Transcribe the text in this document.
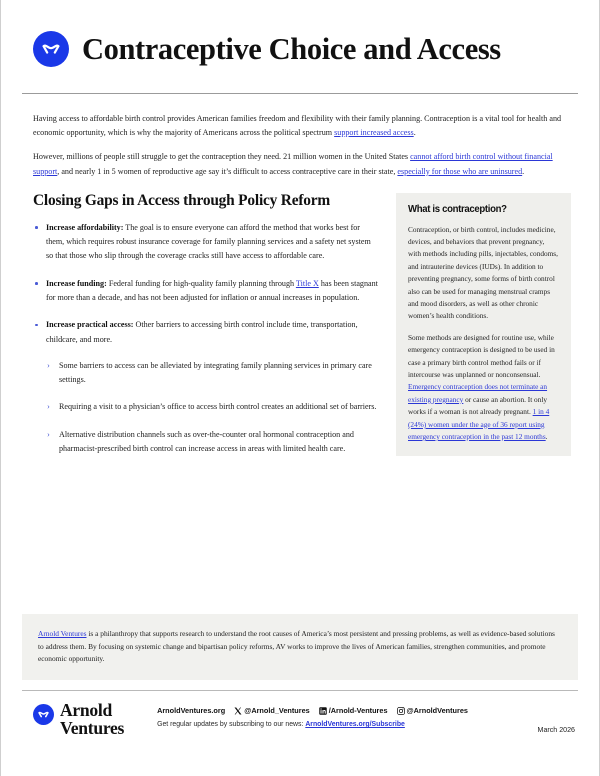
Contraceptive Choice and Access

Having access to affordable birth control provides American families freedom and flexibility with their family planning. Contraception is a vital tool for health and economic opportunity, which is why the majority of Americans across the political spectrum support increased access.

However, millions of people still struggle to get the contraception they need. 21 million women in the United States cannot afford birth control without financial support, and nearly 1 in 5 women of reproductive age say it’s difficult to access contraceptive care in their state, especially for those who are uninsured.

Closing Gaps in Access through Policy Reform
Increase affordability: The goal is to ensure everyone can afford the method that works best for them, which requires robust insurance coverage for family planning services and a safety net system so that those who slip through the coverage cracks still have access to affordable care.
Increase funding: Federal funding for high-quality family planning through Title X has been stagnant for more than a decade, and has not been adjusted for inflation or annual increases in population.
Increase practical access: Other barriers to accessing birth control include time, transportation, childcare, and more.
› Some barriers to access can be alleviated by integrating family planning services in primary care settings.
› Requiring a visit to a physician’s office to access birth control creates an additional set of barriers.
› Alternative distribution channels such as over-the-counter oral hormonal contraception and pharmacist-prescribed birth control can increase access in areas with limited health care.
What is contraception?

Contraception, or birth control, includes medicine, devices, and behaviors that prevent pregnancy, with methods including pills, injectables, condoms, and intrauterine devices (IUDs). In addition to preventing pregnancy, some forms of birth control also can be used for managing menstrual cramps and mood disorders, as well as other chronic women’s health conditions.

Some methods are designed for routine use, while emergency contraception is designed to be used in case a primary birth control method fails or if intercourse was unplanned or nonconsensual. Emergency contraception does not terminate an existing pregnancy or cause an abortion. It only works if a woman is not already pregnant. 1 in 4 (24%) women under the age of 36 report using emergency contraception in the past 12 months.

Arnold Ventures is a philanthropy that supports research to understand the root causes of America’s most persistent and pressing problems, as well as evidence-based solutions to address them. By focusing on systemic change and bipartisan policy reforms, AV works to improve the lives of American families, strengthen communities, and promote economic opportunity.

Arnold
Ventures
ArnoldVentures.org	@Arnold_Ventures	/Arnold-Ventures	@ArnoldVentures
Get regular updates by subscribing to our news: ArnoldVentures.org/Subscribe
March 2026
